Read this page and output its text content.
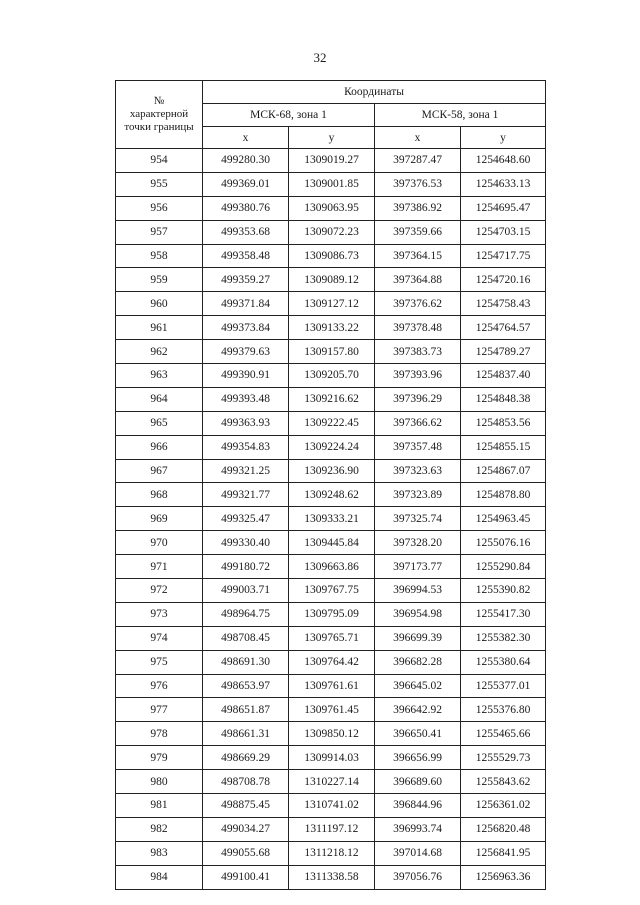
32
№
характерной
точки границы	Координаты			
	МСК-68, зона 1		МСК-58, зона 1	
	x	y	x	y
954	499280.30	1309019.27	397287.47	1254648.60
955	499369.01	1309001.85	397376.53	1254633.13
956	499380.76	1309063.95	397386.92	1254695.47
957	499353.68	1309072.23	397359.66	1254703.15
958	499358.48	1309086.73	397364.15	1254717.75
959	499359.27	1309089.12	397364.88	1254720.16
960	499371.84	1309127.12	397376.62	1254758.43
961	499373.84	1309133.22	397378.48	1254764.57
962	499379.63	1309157.80	397383.73	1254789.27
963	499390.91	1309205.70	397393.96	1254837.40
964	499393.48	1309216.62	397396.29	1254848.38
965	499363.93	1309222.45	397366.62	1254853.56
966	499354.83	1309224.24	397357.48	1254855.15
967	499321.25	1309236.90	397323.63	1254867.07
968	499321.77	1309248.62	397323.89	1254878.80
969	499325.47	1309333.21	397325.74	1254963.45
970	499330.40	1309445.84	397328.20	1255076.16
971	499180.72	1309663.86	397173.77	1255290.84
972	499003.71	1309767.75	396994.53	1255390.82
973	498964.75	1309795.09	396954.98	1255417.30
974	498708.45	1309765.71	396699.39	1255382.30
975	498691.30	1309764.42	396682.28	1255380.64
976	498653.97	1309761.61	396645.02	1255377.01
977	498651.87	1309761.45	396642.92	1255376.80
978	498661.31	1309850.12	396650.41	1255465.66
979	498669.29	1309914.03	396656.99	1255529.73
980	498708.78	1310227.14	396689.60	1255843.62
981	498875.45	1310741.02	396844.96	1256361.02
982	499034.27	1311197.12	396993.74	1256820.48
983	499055.68	1311218.12	397014.68	1256841.95
984	499100.41	1311338.58	397056.76	1256963.36
